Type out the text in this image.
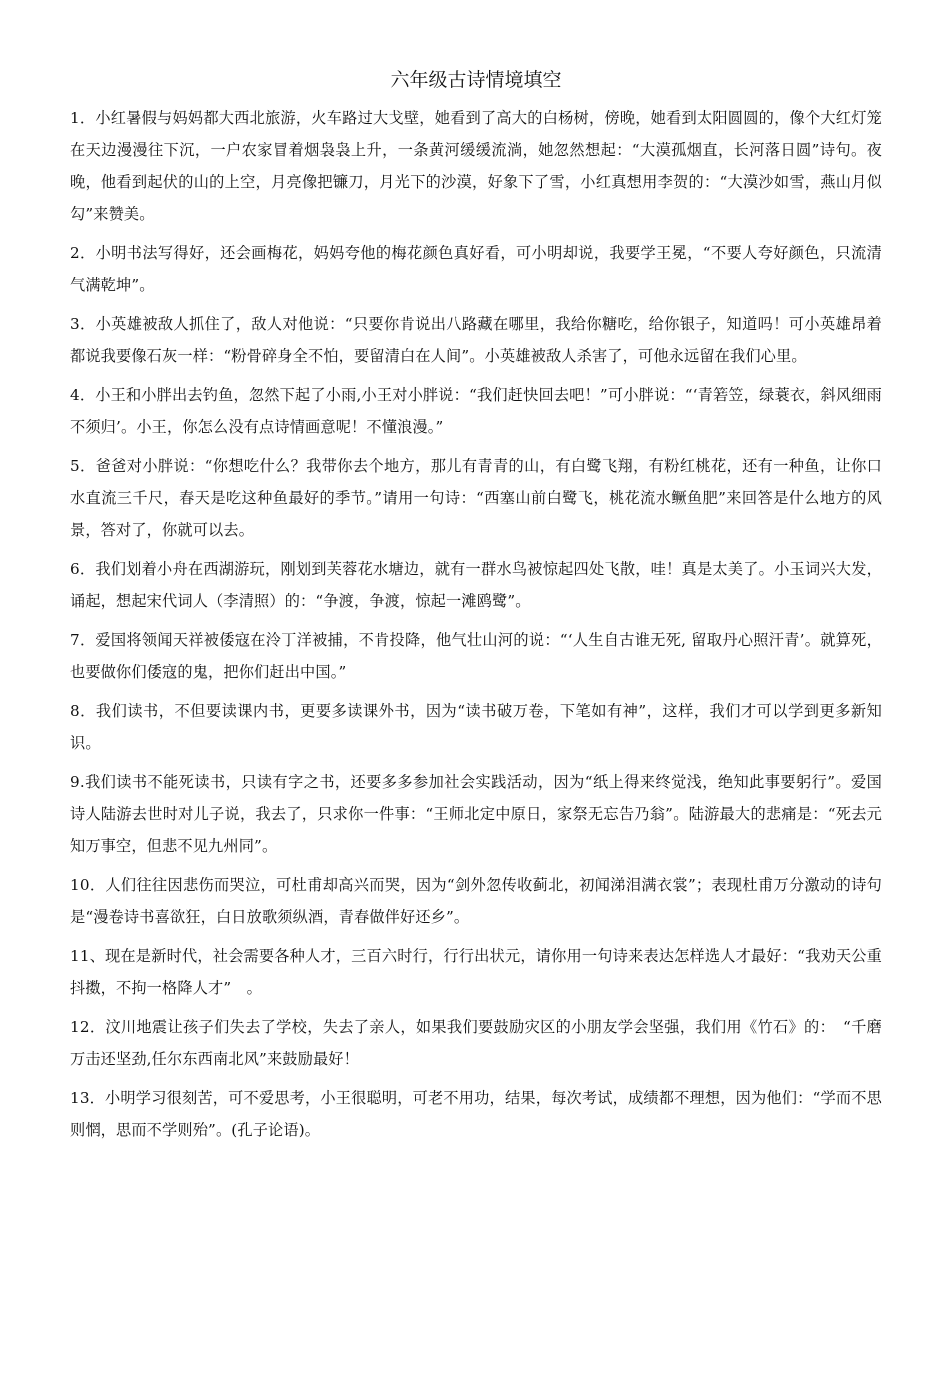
六年级古诗情境填空

1．小红暑假与妈妈都大西北旅游，火车路过大戈壁，她看到了高大的白杨树，傍晚，她看到太阳圆圆的，像个大红灯笼在天边漫漫往下沉，一户农家冒着烟袅袅上升，一条黄河缓缓流淌，她忽然想起：“大漠孤烟直，长河落日圆”诗句。夜晚，他看到起伏的山的上空，月亮像把镰刀，月光下的沙漠，好象下了雪，小红真想用李贺的：“大漠沙如雪，燕山月似勾”来赞美。

2．小明书法写得好，还会画梅花，妈妈夸他的梅花颜色真好看，可小明却说，我要学王冕，“不要人夸好颜色，只流清气满乾坤”。

3．小英雄被敌人抓住了，敌人对他说：“只要你肯说出八路藏在哪里，我给你糖吃，给你银子，知道吗！可小英雄昂着都说我要像石灰一样：“粉骨碎身全不怕，要留清白在人间”。小英雄被敌人杀害了，可他永远留在我们心里。

4．小王和小胖出去钓鱼，忽然下起了小雨,小王对小胖说：“我们赶快回去吧！”可小胖说：“‘青箬笠，绿蓑衣，斜风细雨不须归’。小王，你怎么没有点诗情画意呢！不懂浪漫。”

5．爸爸对小胖说：“你想吃什么？我带你去个地方，那儿有青青的山，有白鹭飞翔，有粉红桃花，还有一种鱼，让你口水直流三千尺，春天是吃这种鱼最好的季节。”请用一句诗：“西塞山前白鹭飞，桃花流水鳜鱼肥”来回答是什么地方的风景，答对了，你就可以去。

6．我们划着小舟在西湖游玩，刚划到芙蓉花水塘边，就有一群水鸟被惊起四处飞散，哇！真是太美了。小玉词兴大发，诵起，想起宋代词人（李清照）的：“争渡，争渡，惊起一滩鸥鹭”。

7．爱国将领闻天祥被倭寇在泠丁洋被捕，不肯投降，他气壮山河的说：“‘人生自古谁无死, 留取丹心照汗青’。就算死，也要做你们倭寇的鬼，把你们赶出中国。”

8．我们读书，不但要读课内书，更要多读课外书，因为“读书破万卷，下笔如有神”，这样，我们才可以学到更多新知识。

9.我们读书不能死读书，只读有字之书，还要多多参加社会实践活动，因为“纸上得来终觉浅，绝知此事要躬行”。爱国诗人陆游去世时对儿子说，我去了，只求你一件事：“王师北定中原日，家祭无忘告乃翁”。陆游最大的悲痛是：“死去元知万事空，但悲不见九州同”。

10．人们往往因悲伤而哭泣，可杜甫却高兴而哭，因为“剑外忽传收蓟北，初闻涕泪满衣裳”；表现杜甫万分激动的诗句是“漫卷诗书喜欲狂，白日放歌须纵酒，青春做伴好还乡”。

11、现在是新时代，社会需要各种人才，三百六时行，行行出状元，请你用一句诗来表达怎样选人才最好：“我劝天公重抖擞，不拘一格降人才”　。

12．汶川地震让孩子们失去了学校，失去了亲人，如果我们要鼓励灾区的小朋友学会坚强，我们用《竹石》的：　“千磨万击还坚劲,任尔东西南北风”来鼓励最好！

13．小明学习很刻苦，可不爱思考，小王很聪明，可老不用功，结果，每次考试，成绩都不理想，因为他们：“学而不思则惘，思而不学则殆”。(孔子论语)。
